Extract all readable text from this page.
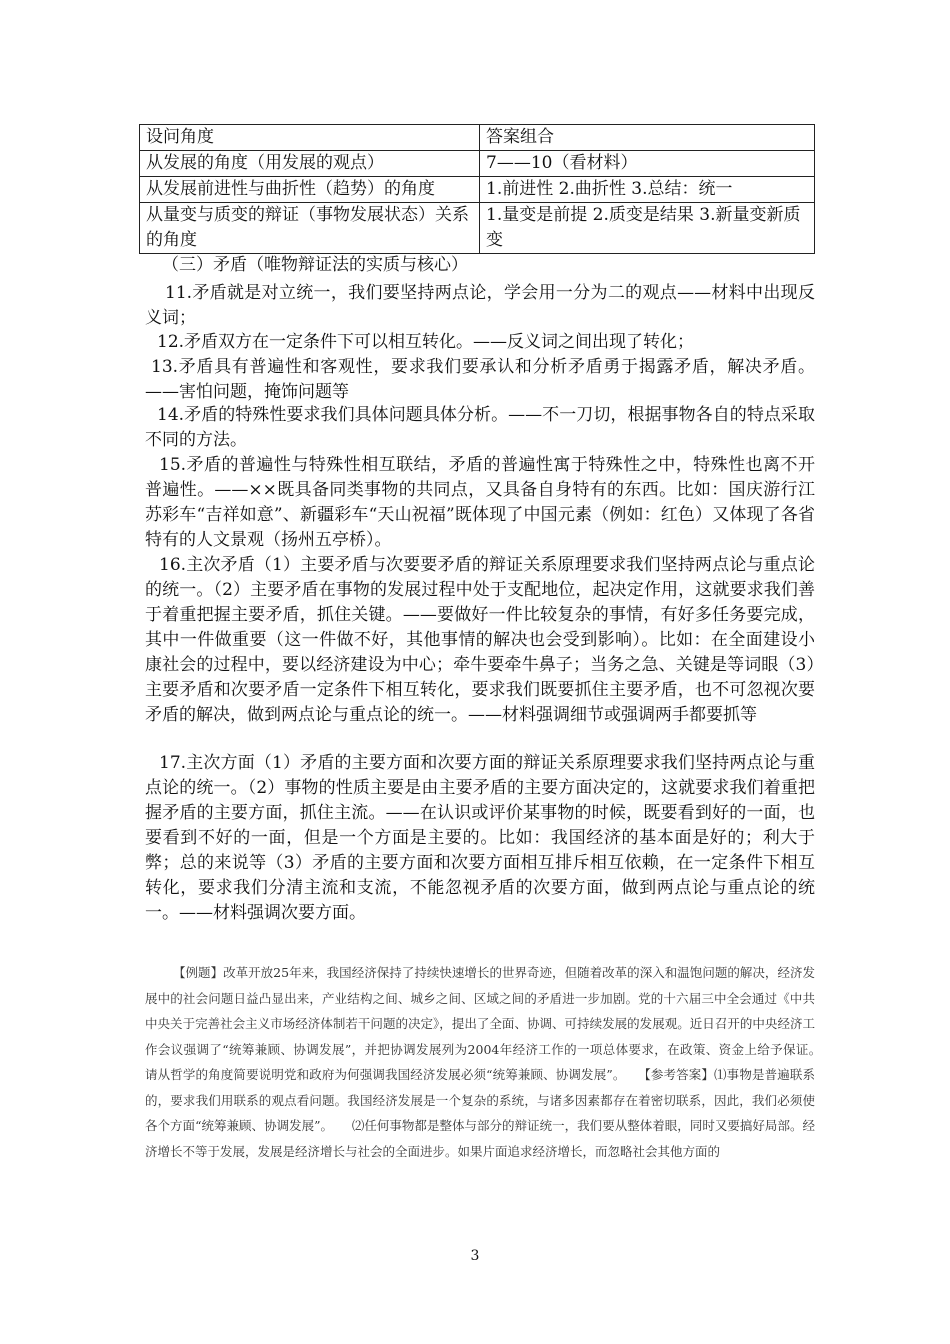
设问角度	答案组合
从发展的角度（用发展的观点）	7——10（看材料）
从发展前进性与曲折性（趋势）的角度	1.前进性 2.曲折性 3.总结：统一
从量变与质变的辩证（事物发展状态）关系的角度	1.量变是前提 2.质变是结果 3.新量变新质变

（三）矛盾（唯物辩证法的实质与核心）

11.矛盾就是对立统一，我们要坚持两点论，学会用一分为二的观点——材料中出现反义词；

12.矛盾双方在一定条件下可以相互转化。——反义词之间出现了转化；

13.矛盾具有普遍性和客观性，要求我们要承认和分析矛盾勇于揭露矛盾，解决矛盾。——害怕问题，掩饰问题等

14.矛盾的特殊性要求我们具体问题具体分析。——不一刀切，根据事物各自的特点采取不同的方法。

15.矛盾的普遍性与特殊性相互联结，矛盾的普遍性寓于特殊性之中，特殊性也离不开普遍性。——××既具备同类事物的共同点，又具备自身特有的东西。比如：国庆游行江苏彩车“吉祥如意”、新疆彩车“天山祝福”既体现了中国元素（例如：红色）又体现了各省特有的人文景观（扬州五亭桥）。

16.主次矛盾（1）主要矛盾与次要要矛盾的辩证关系原理要求我们坚持两点论与重点论的统一。（2）主要矛盾在事物的发展过程中处于支配地位，起决定作用，这就要求我们善于着重把握主要矛盾，抓住关键。——要做好一件比较复杂的事情，有好多任务要完成，其中一件做重要（这一件做不好，其他事情的解决也会受到影响）。比如：在全面建设小康社会的过程中，要以经济建设为中心；牵牛要牵牛鼻子；当务之急、关键是等词眼（3）主要矛盾和次要矛盾一定条件下相互转化，要求我们既要抓住主要矛盾，也不可忽视次要矛盾的解决，做到两点论与重点论的统一。——材料强调细节或强调两手都要抓等

17.主次方面（1）矛盾的主要方面和次要方面的辩证关系原理要求我们坚持两点论与重点论的统一。（2）事物的性质主要是由主要矛盾的主要方面决定的，这就要求我们着重把握矛盾的主要方面，抓住主流。——在认识或评价某事物的时候，既要看到好的一面，也要看到不好的一面，但是一个方面是主要的。比如：我国经济的基本面是好的；利大于弊；总的来说等（3）矛盾的主要方面和次要方面相互排斥相互依赖，在一定条件下相互转化，要求我们分清主流和支流，不能忽视矛盾的次要方面，做到两点论与重点论的统一。——材料强调次要方面。

【例题】改革开放25年来，我国经济保持了持续快速增长的世界奇迹，但随着改革的深入和温饱问题的解决，经济发展中的社会问题日益凸显出来，产业结构之间、城乡之间、区域之间的矛盾进一步加剧。党的十六届三中全会通过《中共中央关于完善社会主义市场经济体制若干问题的决定》，提出了全面、协调、可持续发展的发展观。近日召开的中央经济工作会议强调了“统筹兼顾、协调发展”，并把协调发展列为2004年经济工作的一项总体要求，在政策、资金上给予保证。　　请从哲学的角度简要说明党和政府为何强调我国经济发展必须“统筹兼顾、协调发展”。　　【参考答案】⑴事物是普遍联系的，要求我们用联系的观点看问题。我国经济发展是一个复杂的系统，与诸多因素都存在着密切联系，因此，我们必须使各个方面“统筹兼顾、协调发展”。　　⑵任何事物都是整体与部分的辩证统一，我们要从整体着眼，同时又要搞好局部。经济增长不等于发展，发展是经济增长与社会的全面进步。如果片面追求经济增长，而忽略社会其他方面的

3
